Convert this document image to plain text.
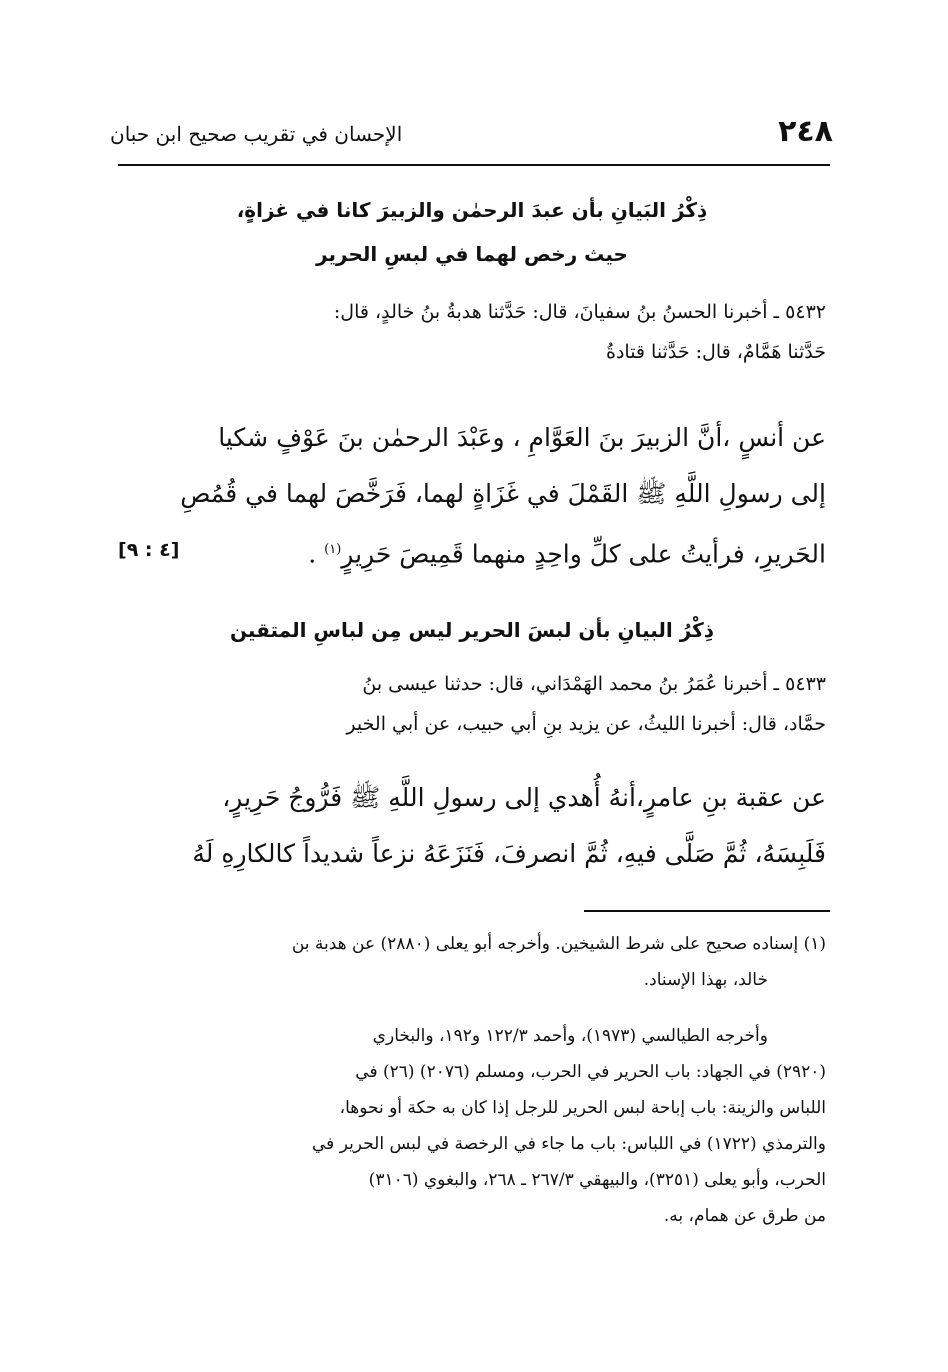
٢٤٨
الإحسان في تقريب صحيح ابن حبان

ذِكْرُ البَيانِ بأن عبدَ الرحمٰن والزبيرَ كانا في غزاةٍ،

حيث رخص لهما في لبسِ الحرير

٥٤٣٢ ـ أخبرنا الحسنُ بنُ سفيانَ، قال: حَدَّثنا هدبةُ بنُ خالدٍ، قال:

حَدَّثنا هَمَّامٌ، قال: حَدَّثنا قتادةُ

عن أنسٍ ،أنَّ الزبيرَ بنَ العَوَّامِ ، وعَبْدَ الرحمٰن بنَ عَوْفٍ شكيا

إلى رسولِ اللَّهِ ﷺ القَمْلَ في غَزَاةٍ لهما، فَرَخَّصَ لهما في قُمُصِ

الحَريرِ، فرأيتُ على كلِّ واحِدٍ منهما قَمِيصَ حَرِيرٍ$^{(١)}$ .
[٤ : ٩]

ذِكْرُ البيانِ بأن لبسَ الحرير ليس مِن لباسِ المتقين

٥٤٣٣ ـ أخبرنا عُمَرُ بنُ محمد الهَمْدَاني، قال: حدثنا عيسى بنُ

حمَّاد، قال: أخبرنا الليثُ، عن يزيد بنِ أبي حبيب، عن أبي الخير

عن عقبة بنِ عامرٍ،أنهُ أُهدي إلى رسولِ اللَّهِ ﷺ فَرُّوجُ حَرِيرٍ،

فَلَبِسَهُ، ثُمَّ صَلَّى فيهِ، ثُمَّ انصرفَ، فَنَزَعَهُ نزعاً شديداً كالكارِهِ لَهُ

(١) إسناده صحيح على شرط الشيخين. وأخرجه أبو يعلى (٢٨٨٠) عن هدبة بن

خالد، بهذا الإسناد.

وأخرجه الطيالسي (١٩٧٣)، وأحمد ١٢٢/٣ و١٩٢، والبخاري

(٢٩٢٠) في الجهاد: باب الحرير في الحرب، ومسلم (٢٠٧٦) (٢٦) في

اللباس والزينة: باب إباحة لبس الحرير للرجل إذا كان به حكة أو نحوها،

والترمذي (١٧٢٢) في اللباس: باب ما جاء في الرخصة في لبس الحرير في

الحرب، وأبو يعلى (٣٢٥١)، والبيهقي ٢٦٧/٣ ـ ٢٦٨، والبغوي (٣١٠٦)

من طرق عن همام، به.
